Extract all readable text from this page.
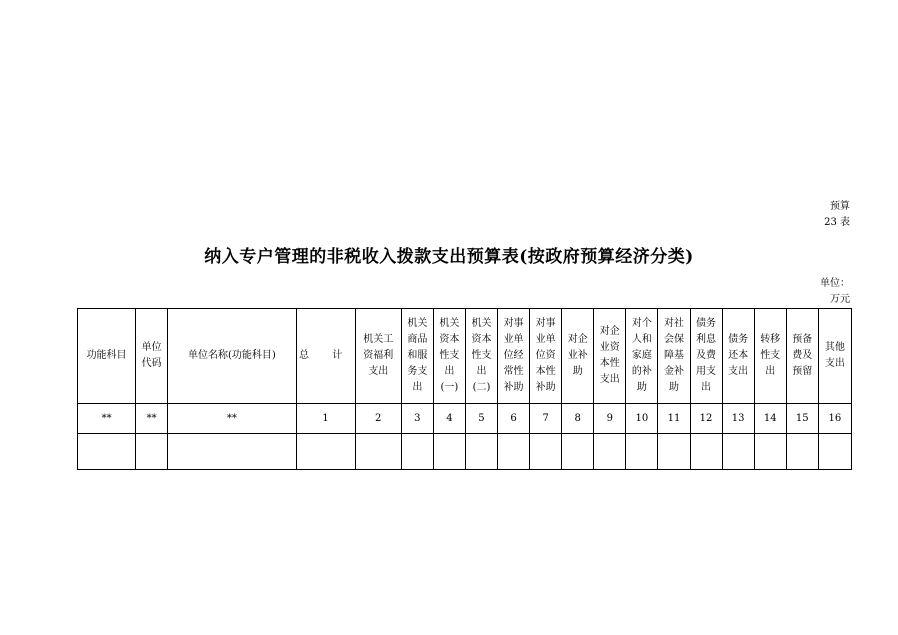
预算
23 表
纳入专户管理的非税收入拨款支出预算表(按政府预算经济分类)
单位：
万元
功能科目	单位代码	单位名称(功能科目)	总 计	机关工资福利支出	机关商品和服务支出	机关资本性支出(一)	机关资本性支出(二)	对事业单位经常性补助	对事业单位资本性补助	对企业补助	对企业资本性支出	对个人和家庭的补助	对社会保障基金补助	债务利息及费用支出	债务还本支出	转移性支出	预备费及预留	其他支出
**	**	**	1	2	3	4	5	6	7	8	9	10	11	12	13	14	15	16
